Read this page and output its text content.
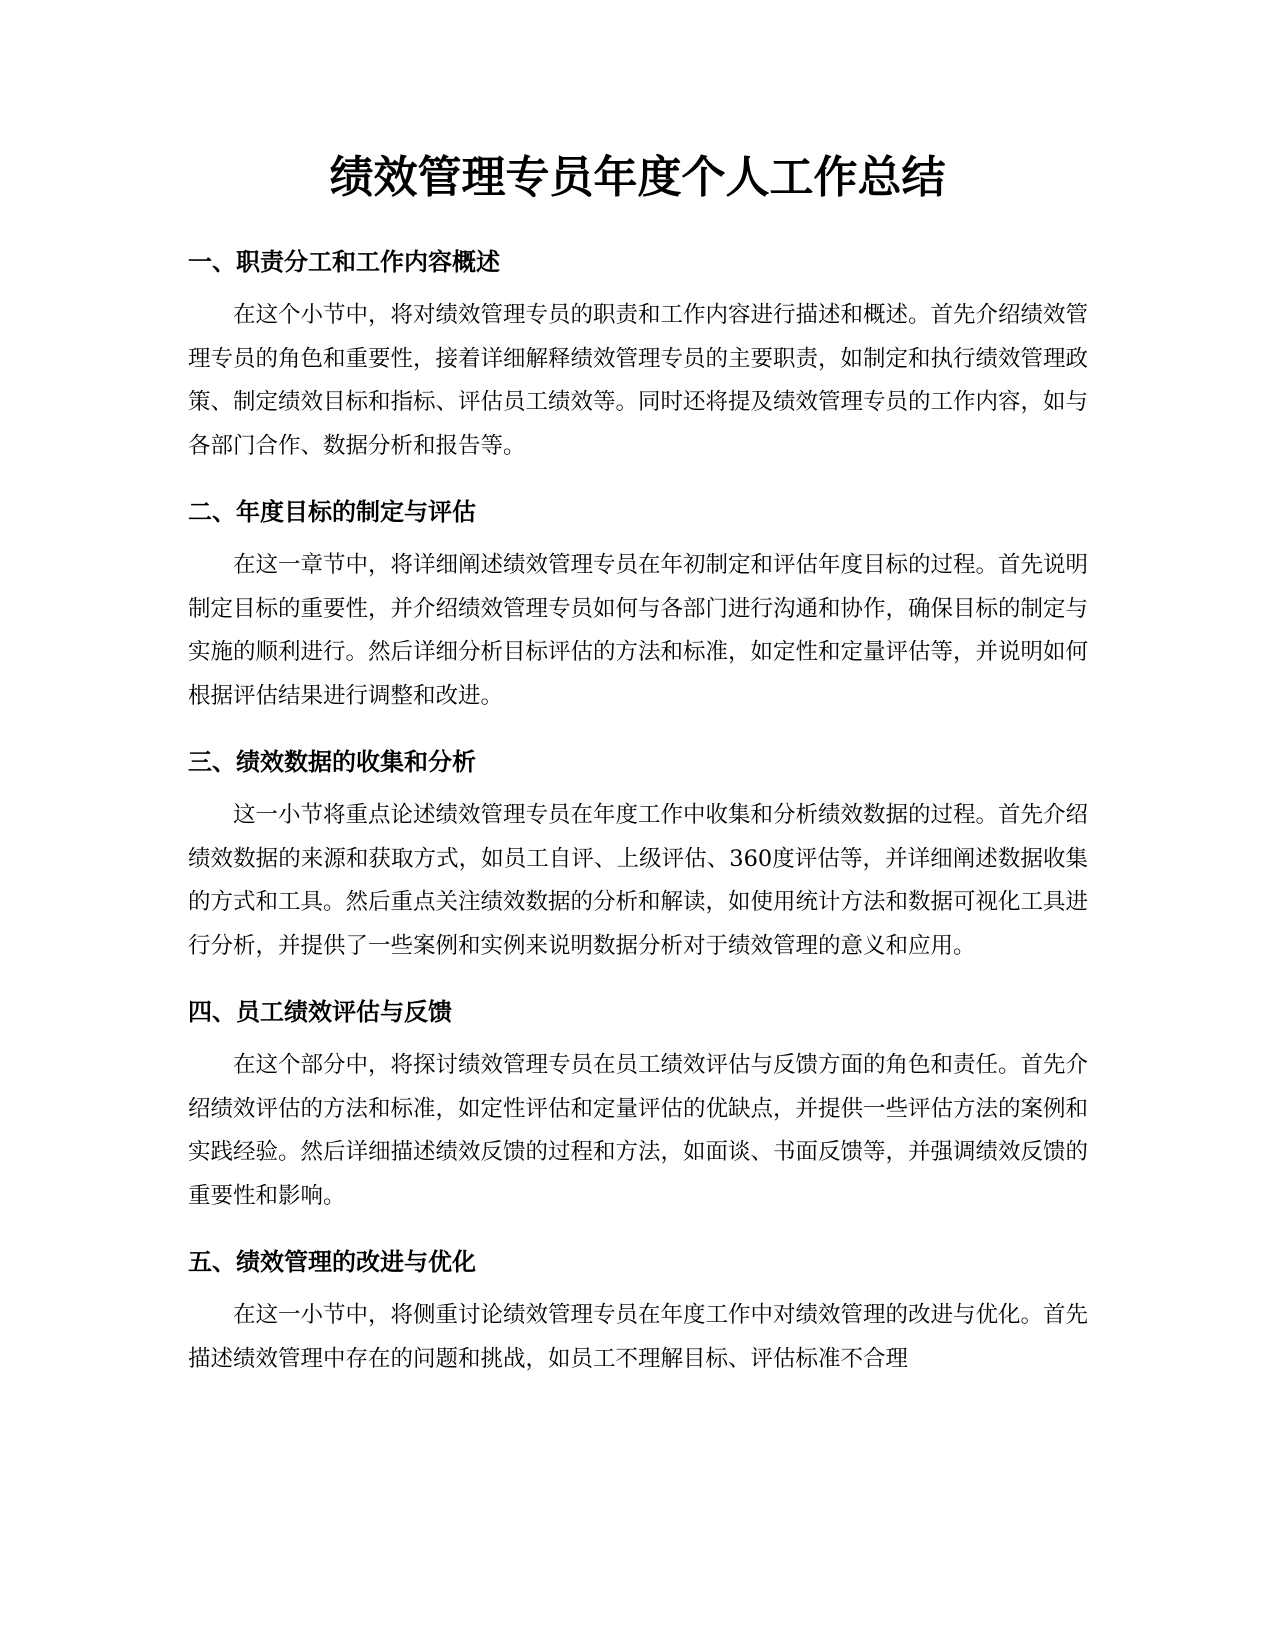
绩效管理专员年度个人工作总结
一、职责分工和工作内容概述

在这个小节中，将对绩效管理专员的职责和工作内容进行描述和概述。首先介绍绩效管理专员的角色和重要性，接着详细解释绩效管理专员的主要职责，如制定和执行绩效管理政策、制定绩效目标和指标、评估员工绩效等。同时还将提及绩效管理专员的工作内容，如与各部门合作、数据分析和报告等。

二、年度目标的制定与评估

在这一章节中，将详细阐述绩效管理专员在年初制定和评估年度目标的过程。首先说明制定目标的重要性，并介绍绩效管理专员如何与各部门进行沟通和协作，确保目标的制定与实施的顺利进行。然后详细分析目标评估的方法和标准，如定性和定量评估等，并说明如何根据评估结果进行调整和改进。

三、绩效数据的收集和分析

这一小节将重点论述绩效管理专员在年度工作中收集和分析绩效数据的过程。首先介绍绩效数据的来源和获取方式，如员工自评、上级评估、360度评估等，并详细阐述数据收集的方式和工具。然后重点关注绩效数据的分析和解读，如使用统计方法和数据可视化工具进行分析，并提供了一些案例和实例来说明数据分析对于绩效管理的意义和应用。

四、员工绩效评估与反馈

在这个部分中，将探讨绩效管理专员在员工绩效评估与反馈方面的角色和责任。首先介绍绩效评估的方法和标准，如定性评估和定量评估的优缺点，并提供一些评估方法的案例和实践经验。然后详细描述绩效反馈的过程和方法，如面谈、书面反馈等，并强调绩效反馈的重要性和影响。

五、绩效管理的改进与优化

在这一小节中，将侧重讨论绩效管理专员在年度工作中对绩效管理的改进与优化。首先描述绩效管理中存在的问题和挑战，如员工不理解目标、评估标准不合理
